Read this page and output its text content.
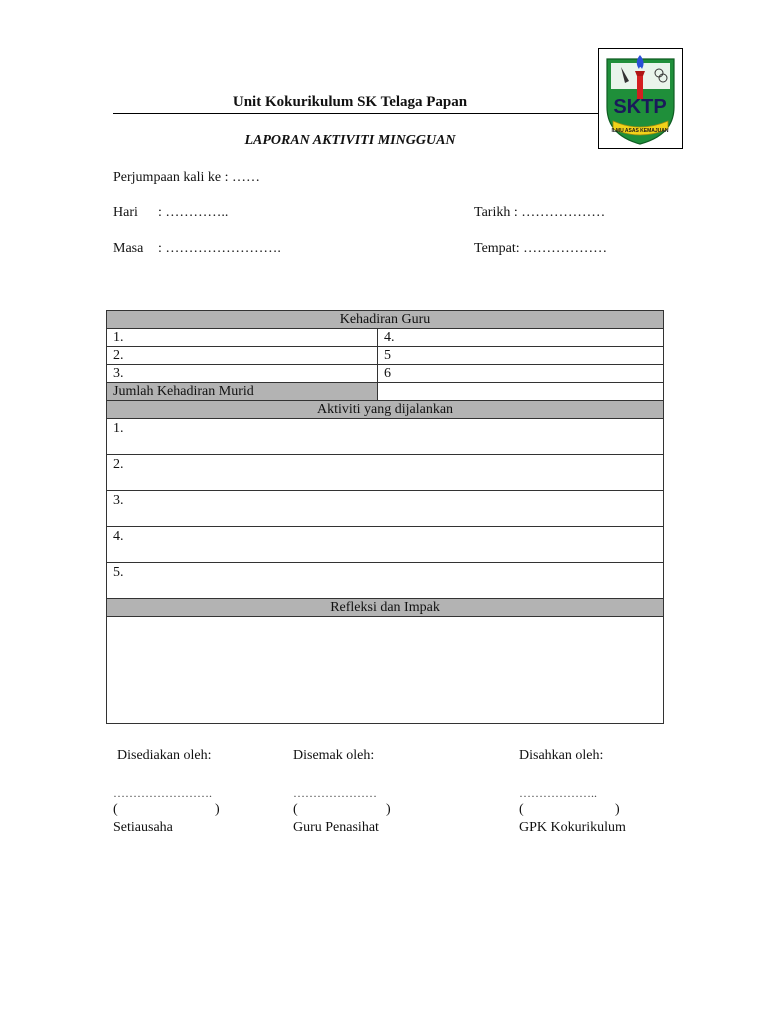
Unit Kokurikulum SK Telaga Papan
LAPORAN AKTIVITI MINGGUAN
SKTP
ILMU ASAS KEMAJUAN
Perjumpaan kali ke : ……
Hari : …………..	Tarikh : ………………
Masa : …………………….	Tempat: ………………
Kehadiran Guru	
1.	4.
2.	5
3.	6
Jumlah Kehadiran Murid	
Aktiviti yang dijalankan	
1.	
2.	
3.	
4.	
5.	
Refleksi dan Impak	

Disediakan oleh:
…………………….
(	)
Setiausaha
Disemak oleh:
…………………
(	)
Guru Penasihat
Disahkan oleh:
………………..
(	)
GPK Kokurikulum
